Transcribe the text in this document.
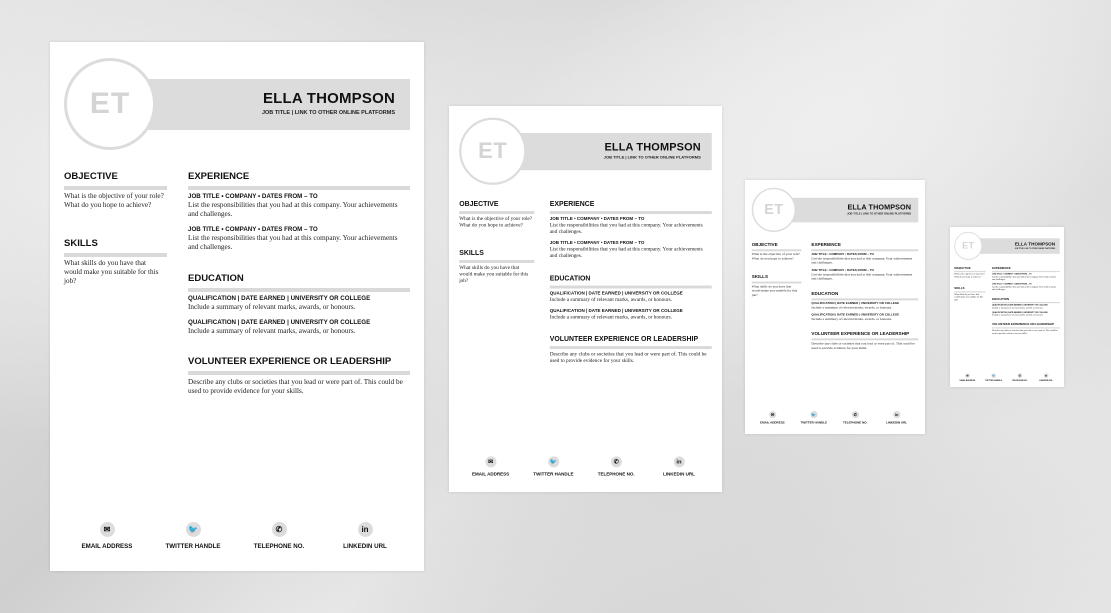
ET	ELLA THOMPSON
JOB TITLE | LINK TO OTHER ONLINE PLATFORMS
OBJECTIVE
What is the objective of your role? What do you hope to achieve?
SKILLS
What skills do you have that would make you suitable for this job?
EXPERIENCE
JOB TITLE • COMPANY • DATES FROM – TO
List the responsibilities that you had at this company. Your achievements and challenges.
JOB TITLE • COMPANY • DATES FROM – TO
List the responsibilities that you had at this company. Your achievements and challenges.
EDUCATION
QUALIFICATION | DATE EARNED | UNIVERSITY OR COLLEGE
Include a summary of relevant marks, awards, or honours.
QUALIFICATION | DATE EARNED | UNIVERSITY OR COLLEGE
Include a summary of relevant marks, awards, or honours.
VOLUNTEER EXPERIENCE OR LEADERSHIP
Describe any clubs or societies that you lead or were part of. This could be used to provide evidence for your skills.
✉
EMAIL ADDRESS
🐦
TWITTER HANDLE
✆
TELEPHONE NO.
in
LINKEDIN URL
ET	ELLA THOMPSON
JOB TITLE | LINK TO OTHER ONLINE PLATFORMS
OBJECTIVE
What is the objective of your role? What do you hope to achieve?
SKILLS
What skills do you have that would make you suitable for this job?
EXPERIENCE
JOB TITLE • COMPANY • DATES FROM – TO
List the responsibilities that you had at this company. Your achievements and challenges.
JOB TITLE • COMPANY • DATES FROM – TO
List the responsibilities that you had at this company. Your achievements and challenges.
EDUCATION
QUALIFICATION | DATE EARNED | UNIVERSITY OR COLLEGE
Include a summary of relevant marks, awards, or honours.
QUALIFICATION | DATE EARNED | UNIVERSITY OR COLLEGE
Include a summary of relevant marks, awards, or honours.
VOLUNTEER EXPERIENCE OR LEADERSHIP
Describe any clubs or societies that you lead or were part of. This could be used to provide evidence for your skills.
✉
EMAIL ADDRESS
🐦
TWITTER HANDLE
✆
TELEPHONE NO.
in
LINKEDIN URL
ET	ELLA THOMPSON
JOB TITLE | LINK TO OTHER ONLINE PLATFORMS
OBJECTIVE
What is the objective of your role? What do you hope to achieve?
SKILLS
What skills do you have that would make you suitable for this job?
EXPERIENCE
JOB TITLE • COMPANY • DATES FROM – TO
List the responsibilities that you had at this company. Your achievements and challenges.
JOB TITLE • COMPANY • DATES FROM – TO
List the responsibilities that you had at this company. Your achievements and challenges.
EDUCATION
QUALIFICATION | DATE EARNED | UNIVERSITY OR COLLEGE
Include a summary of relevant marks, awards, or honours.
QUALIFICATION | DATE EARNED | UNIVERSITY OR COLLEGE
Include a summary of relevant marks, awards, or honours.
VOLUNTEER EXPERIENCE OR LEADERSHIP
Describe any clubs or societies that you lead or were part of. This could be used to provide evidence for your skills.
✉
EMAIL ADDRESS
🐦
TWITTER HANDLE
✆
TELEPHONE NO.
in
LINKEDIN URL
ET	ELLA THOMPSON
JOB TITLE | LINK TO OTHER ONLINE PLATFORMS
OBJECTIVE
What is the objective of your role? What do you hope to achieve?
SKILLS
What skills do you have that would make you suitable for this job?
EXPERIENCE
JOB TITLE • COMPANY • DATES FROM – TO
List the responsibilities that you had at this company. Your achievements and challenges.
JOB TITLE • COMPANY • DATES FROM – TO
List the responsibilities that you had at this company. Your achievements and challenges.
EDUCATION
QUALIFICATION | DATE EARNED | UNIVERSITY OR COLLEGE
Include a summary of relevant marks, awards, or honours.
QUALIFICATION | DATE EARNED | UNIVERSITY OR COLLEGE
Include a summary of relevant marks, awards, or honours.
VOLUNTEER EXPERIENCE OR LEADERSHIP
Describe any clubs or societies that you lead or were part of. This could be used to provide evidence for your skills.
✉
EMAIL ADDRESS
🐦
TWITTER HANDLE
✆
TELEPHONE NO.
in
LINKEDIN URL
